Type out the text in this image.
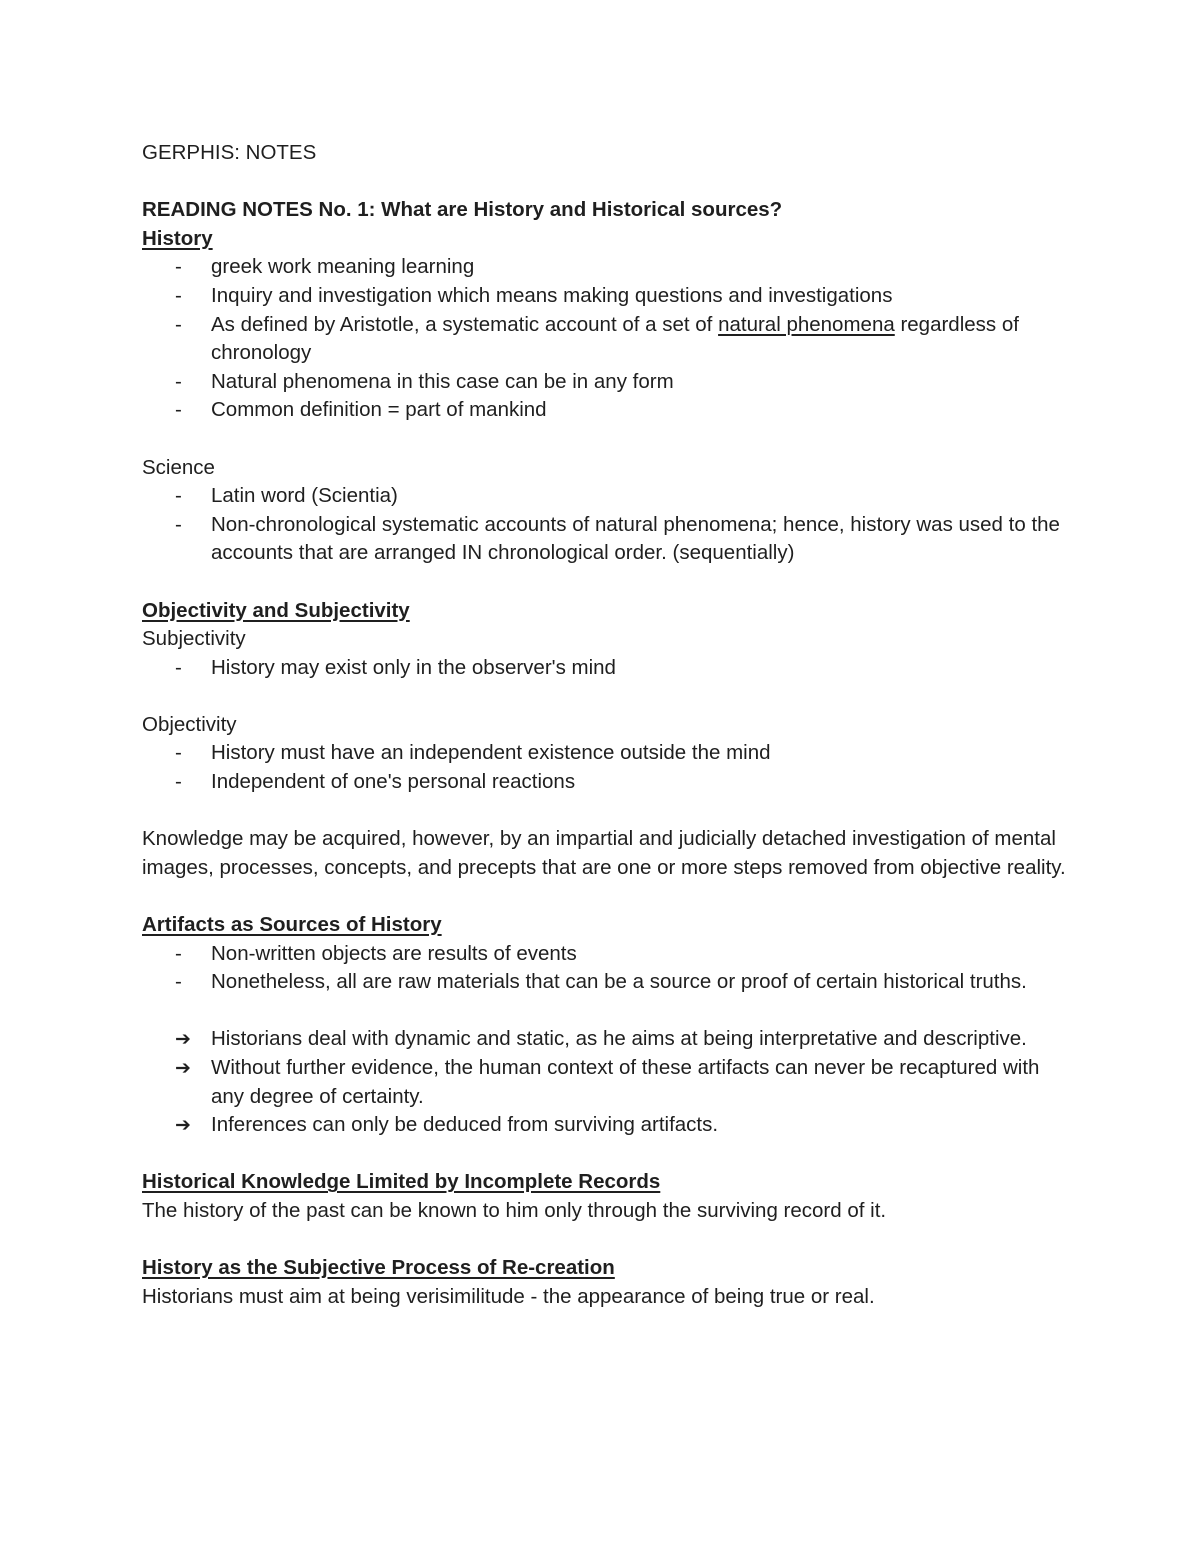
GERPHIS: NOTES

READING NOTES No. 1: What are History and Historical sources?

History

- greek work meaning learning
- Inquiry and investigation which means making questions and investigations
- As defined by Aristotle, a systematic account of a set of natural phenomena regardless of chronology
- Natural phenomena in this case can be in any form
- Common definition = part of mankind

Science

- Latin word (Scientia)
- Non-chronological systematic accounts of natural phenomena; hence, history was used to the accounts that are arranged IN chronological order. (sequentially)

Objectivity and Subjectivity

Subjectivity

- History may exist only in the observer's mind

Objectivity

- History must have an independent existence outside the mind
- Independent of one's personal reactions

Knowledge may be acquired, however, by an impartial and judicially detached investigation of mental images, processes, concepts, and precepts that are one or more steps removed from objective reality.

Artifacts as Sources of History

- Non-written objects are results of events
- Nonetheless, all are raw materials that can be a source or proof of certain historical truths.
➔ Historians deal with dynamic and static, as he aims at being interpretative and descriptive.
➔ Without further evidence, the human context of these artifacts can never be recaptured with any degree of certainty.
➔ Inferences can only be deduced from surviving artifacts.

Historical Knowledge Limited by Incomplete Records

The history of the past can be known to him only through the surviving record of it.

History as the Subjective Process of Re-creation

Historians must aim at being verisimilitude - the appearance of being true or real.
